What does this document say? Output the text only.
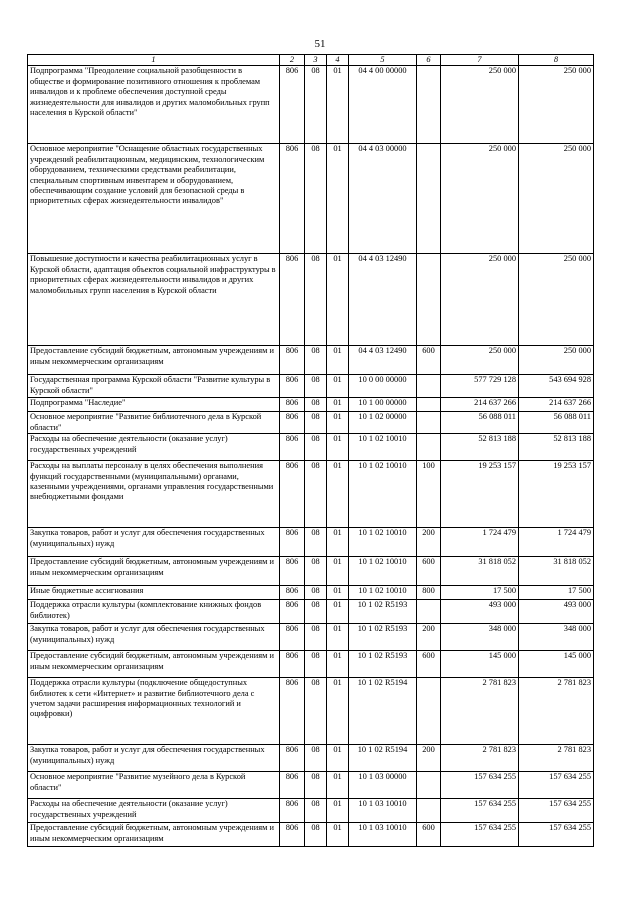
51
1	2	3	4	5	6	7	8
Подпрограмма "Преодоление социальной разобщенности в обществе и формирование позитивного отношения к проблемам инвалидов и к проблеме обеспечения доступной среды жизнедеятельности для инвалидов и других маломобильных групп населения в Курской области"	806	08	01	04 4 00 00000		250 000	250 000
Основное мероприятие "Оснащение областных государственных учреждений реабилитационным, медицинским, технологическим оборудованием, техническими средствами реабилитации, специальным спортивным инвентарем и оборудованием, обеспечивающим создание условий для безопасной среды в приоритетных сферах жизнедеятельности инвалидов"	806	08	01	04 4 03 00000		250 000	250 000
Повышение доступности и качества реабилитационных услуг в Курской области, адаптация объектов социальной инфраструктуры в приоритетных сферах жизнедеятельности инвалидов и других маломобильных групп населения в Курской области	806	08	01	04 4 03 12490		250 000	250 000
Предоставление субсидий бюджетным, автономным учреждениям и иным некоммерческим организациям	806	08	01	04 4 03 12490	600	250 000	250 000
Государственная программа Курской области "Развитие культуры в Курской области"	806	08	01	10 0 00 00000		577 729 128	543 694 928
Подпрограмма "Наследие"	806	08	01	10 1 00 00000		214 637 266	214 637 266
Основное мероприятие "Развитие библиотечного дела в Курской области"	806	08	01	10 1 02 00000		56 088 011	56 088 011
Расходы на обеспечение деятельности (оказание услуг) государственных учреждений	806	08	01	10 1 02 10010		52 813 188	52 813 188
Расходы на выплаты персоналу в целях обеспечения выполнения функций государственными (муниципальными) органами, казенными учреждениями, органами управления государственными внебюджетными фондами	806	08	01	10 1 02 10010	100	19 253 157	19 253 157
Закупка товаров, работ и услуг для обеспечения государственных (муниципальных) нужд	806	08	01	10 1 02 10010	200	1 724 479	1 724 479
Предоставление субсидий бюджетным, автономным учреждениям и иным некоммерческим организациям	806	08	01	10 1 02 10010	600	31 818 052	31 818 052
Иные бюджетные ассигнования	806	08	01	10 1 02 10010	800	17 500	17 500
Поддержка отрасли культуры (комплектование книжных фондов библиотек)	806	08	01	10 1 02 R5193		493 000	493 000
Закупка товаров, работ и услуг для обеспечения государственных (муниципальных) нужд	806	08	01	10 1 02 R5193	200	348 000	348 000
Предоставление субсидий бюджетным, автономным учреждениям и иным некоммерческим организациям	806	08	01	10 1 02 R5193	600	145 000	145 000
Поддержка отрасли культуры (подключение общедоступных библиотек к сети «Интернет» и развитие библиотечного дела с учетом задачи расширения информационных технологий и оцифровки)	806	08	01	10 1 02 R5194		2 781 823	2 781 823
Закупка товаров, работ и услуг для обеспечения государственных (муниципальных) нужд	806	08	01	10 1 02 R5194	200	2 781 823	2 781 823
Основное мероприятие "Развитие музейного дела в Курской области"	806	08	01	10 1 03 00000		157 634 255	157 634 255
Расходы на обеспечение деятельности (оказание услуг) государственных учреждений	806	08	01	10 1 03 10010		157 634 255	157 634 255
Предоставление субсидий бюджетным, автономным учреждениям и иным некоммерческим организациям	806	08	01	10 1 03 10010	600	157 634 255	157 634 255
